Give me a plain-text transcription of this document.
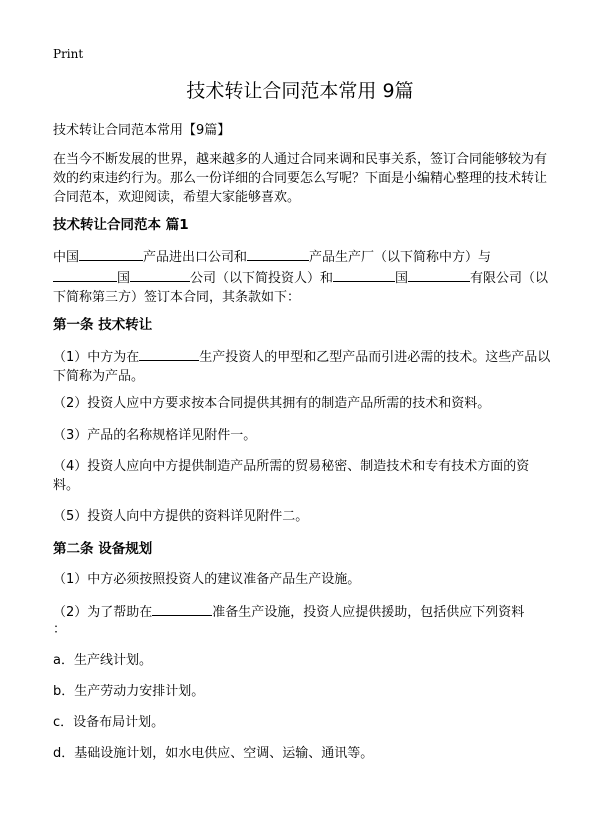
Print
技术转让合同范本常用 9篇
技术转让合同范本常用【9篇】
在当今不断发展的世界，越来越多的人通过合同来调和民事关系，签订合同能够较为有效的约束违约行为。那么一份详细的合同要怎么写呢？下面是小编精心整理的技术转让合同范本，欢迎阅读，希望大家能够喜欢。
技术转让合同范本 篇1
中国	产品进出口公司和	产品生产厂（以下简称中方）与国	公司（以下简投资人）和	国	有限公司（以下简称第三方）签订本合同，其条款如下：
第一条 技术转让
（1）中方为在	生产投资人的甲型和乙型产品而引进必需的技术。这些产品以下简称为产品。
（2）投资人应中方要求按本合同提供其拥有的制造产品所需的技术和资料。
（3）产品的名称规格详见附件一。
（4）投资人应向中方提供制造产品所需的贸易秘密、制造技术和专有技术方面的资料。
（5）投资人向中方提供的资料详见附件二。
第二条 设备规划
（1）中方必须按照投资人的建议准备产品生产设施。
（2）为了帮助在	准备生产设施，投资人应提供援助，包括供应下列资料
：
a．生产线计划。
b．生产劳动力安排计划。
c．设备布局计划。
d．基础设施计划，如水电供应、空调、运输、通讯等。
